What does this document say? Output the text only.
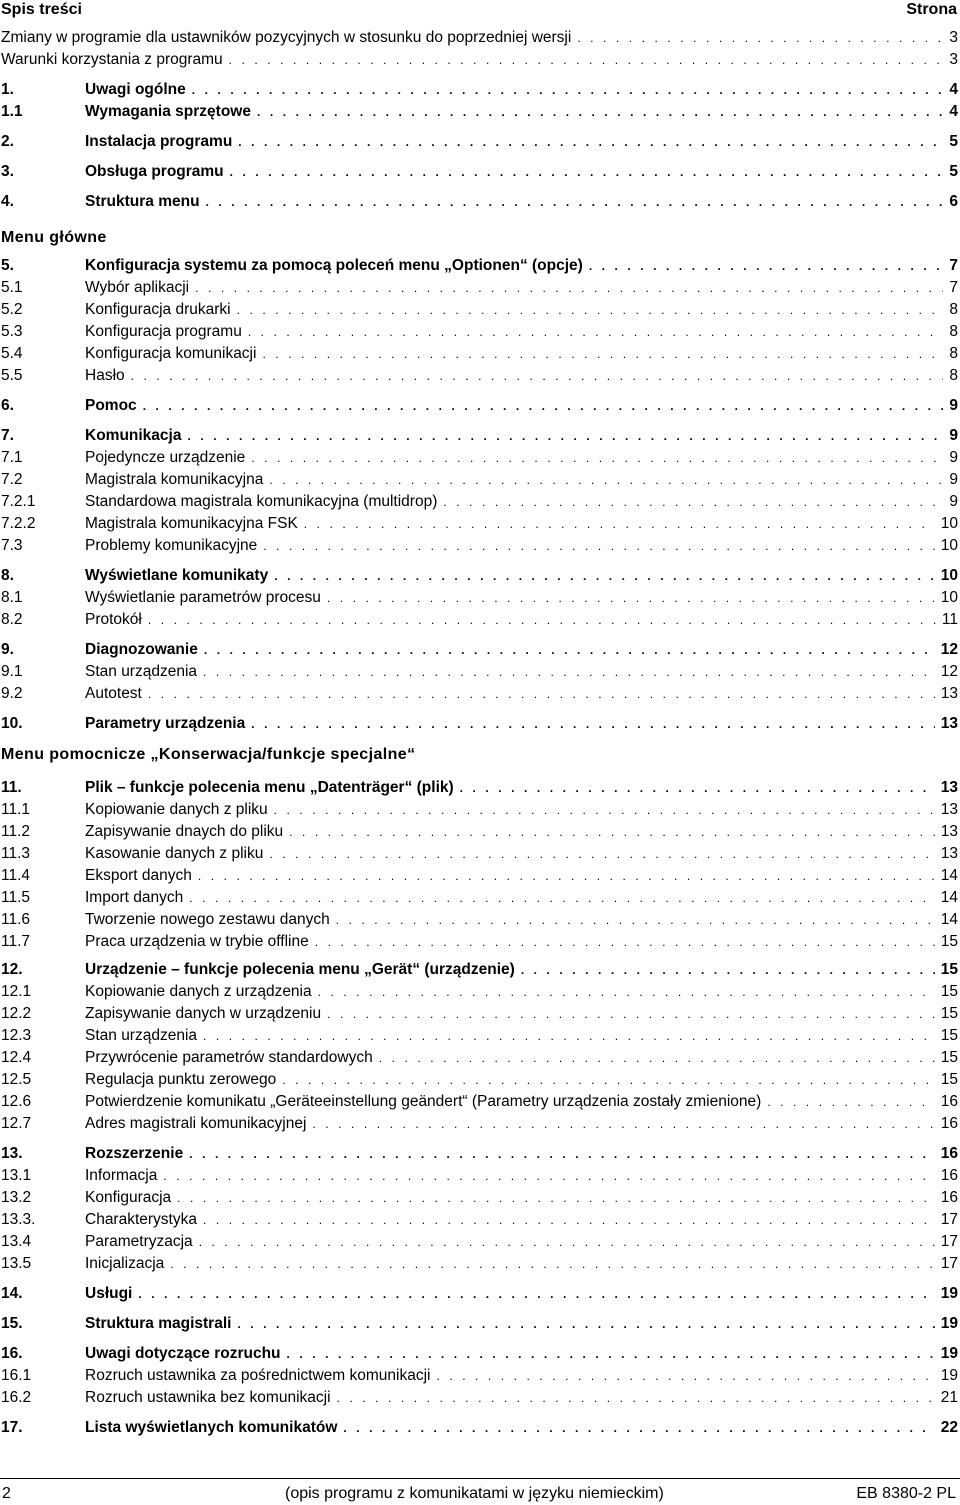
Spis treści	Strona
Zmiany w programie dla ustawników pozycyjnych w stosunku do poprzedniej wersji . . .	3
Warunki korzystania z programu . . .	3
1.	Uwagi ogólne . . .	4
1.1	Wymagania sprzętowe . . .	4
2.	Instalacja programu . . .	5
3.	Obsługa programu . . .	5
4.	Struktura menu . . .	6
Menu główne
5.	Konfiguracja systemu za pomocą poleceń menu „Optionen“ (opcje) . . .	7
5.1	Wybór aplikacji . . .	7
5.2	Konfiguracja drukarki . . .	8
5.3	Konfiguracja programu . . .	8
5.4	Konfiguracja komunikacji . . .	8
5.5	Hasło . . .	8
6.	Pomoc . . .	9
7.	Komunikacja . . .	9
7.1	Pojedyncze urządzenie . . .	9
7.2	Magistrala komunikacyjna . . .	9
7.2.1	Standardowa magistrala komunikacyjna (multidrop) . . .	9
7.2.2	Magistrala komunikacyjna FSK . . .	10
7.3	Problemy komunikacyjne . . .	10
8.	Wyświetlane komunikaty . . .	10
8.1	Wyświetlanie parametrów procesu . . .	10
8.2	Protokół . . .	11
9.	Diagnozowanie . . .	12
9.1	Stan urządzenia . . .	12
9.2	Autotest . . .	13
10.	Parametry urządzenia . . .	13
Menu pomocnicze „Konserwacja/funkcje specjalne“
11.	Plik – funkcje polecenia menu „Datenträger“ (plik) . . .	13
11.1	Kopiowanie danych z pliku . . .	13
11.2	Zapisywanie dnaych do pliku . . .	13
11.3	Kasowanie danych z pliku . . .	13
11.4	Eksport danych . . .	14
11.5	Import danych . . .	14
11.6	Tworzenie nowego zestawu danych . . .	14
11.7	Praca urządzenia w trybie offline . . .	15
12.	Urządzenie – funkcje polecenia menu „Gerät“ (urządzenie) . . .	15
12.1	Kopiowanie danych z urządzenia . . .	15
12.2	Zapisywanie danych w urządzeniu . . .	15
12.3	Stan urządzenia . . .	15
12.4	Przywrócenie parametrów standardowych . . .	15
12.5	Regulacja punktu zerowego . . .	15
12.6	Potwierdzenie komunikatu „Geräteeinstellung geändert“ (Parametry urządzenia zostały zmienione) . . .	16
12.7	Adres magistrali komunikacyjnej . . .	16
13.	Rozszerzenie . . .	16
13.1	Informacja . . .	16
13.2	Konfiguracja . . .	16
13.3.	Charakterystyka . . .	17
13.4	Parametryzacja . . .	17
13.5	Inicjalizacja . . .	17
14.	Usługi . . .	19
15.	Struktura magistrali . . .	19
16.	Uwagi dotyczące rozruchu . . .	19
16.1	Rozruch ustawnika za pośrednictwem komunikacji . . .	19
16.2	Rozruch ustawnika bez komunikacji . . .	21
17.	Lista wyświetlanych komunikatów . . .	22
2	(opis programu z komunikatami w języku niemieckim)	EB 8380-2 PL
